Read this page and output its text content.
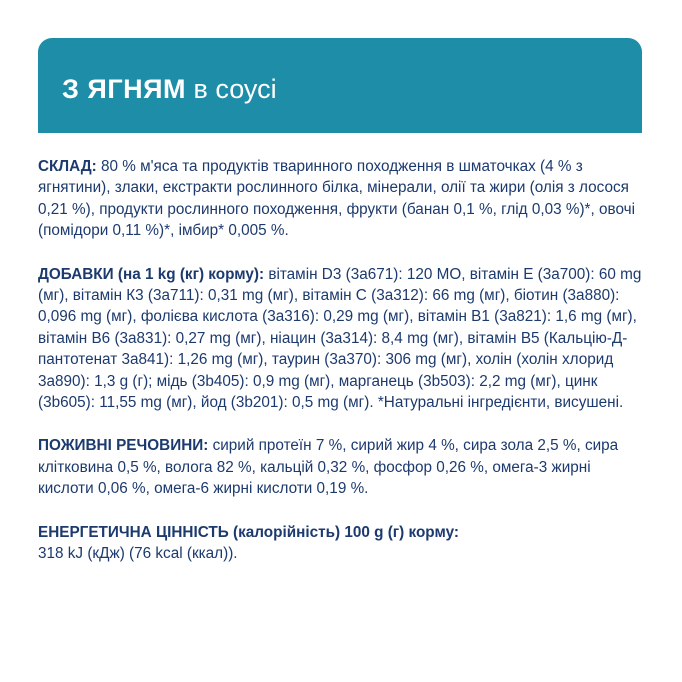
З ЯГНЯМ в соусі

СКЛАД: 80 % м'яса та продуктів тваринного походження в шматочках (4 % з ягнятини), злаки, екстракти рослинного білка, мінерали, олії та жири (олія з лосося 0,21 %), продукти рослинного походження, фрукти (банан 0,1 %, глід 0,03 %)*, овочі (помідори 0,11 %)*, імбир* 0,005 %.

ДОБАВКИ (на 1 kg (кг) корму): вітамін D3 (3a671): 120 МО, вітамін Е (3а700): 60 mg (мг), вітамін К3 (3а711): 0,31 mg (мг), вітамін С (3а312): 66 mg (мг), біотин (3а880): 0,096 mg (мг), фолієва кислота (3а316): 0,29 mg (мг), вітамін В1 (3а821): 1,6 mg (мг), вітамін В6 (3а831): 0,27 mg (мг), ніацин (3а314): 8,4 mg (мг), вітамін В5 (Кальцію-Д-пантотенат 3а841): 1,26 mg (мг), таурин (3а370): 306 mg (мг), холін (холін хлорид 3а890): 1,3 g (г); мідь (3b405): 0,9 mg (мг), марганець (3b503): 2,2 mg (мг), цинк (3b605): 11,55 mg (мг), йод (3b201): 0,5 mg (мг). *Натуральні інгредієнти, висушені.

ПОЖИВНІ РЕЧОВИНИ: сирий протеїн 7 %, сирий жир 4 %, сира зола 2,5 %, сира клітковина 0,5 %, волога 82 %, кальцій 0,32 %, фосфор 0,26 %, омега-3 жирні кислоти 0,06 %, омега-6 жирні кислоти 0,19 %.

ЕНЕРГЕТИЧНА ЦІННІСТЬ (калорійність) 100 g (г) корму:
318 kJ (кДж) (76 kcal (ккал)).
